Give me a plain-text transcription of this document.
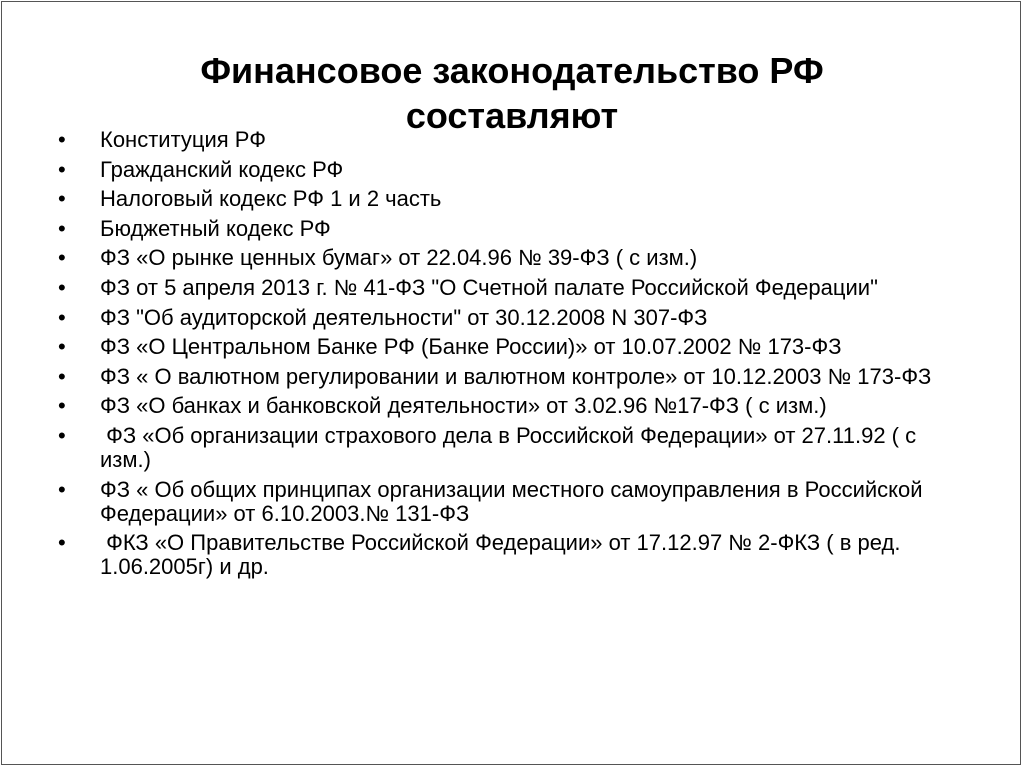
Финансовое законодательство РФ
составляют
•	Конституция РФ
•	Гражданский кодекс РФ
•	Налоговый кодекс РФ 1 и 2 часть
•	Бюджетный кодекс РФ
•	ФЗ «О рынке ценных бумаг» от 22.04.96 № 39-ФЗ ( с изм.)
•	ФЗ от 5 апреля 2013 г. № 41-ФЗ "О Счетной палате Российской Федерации"
•	ФЗ "Об аудиторской деятельности" от 30.12.2008 N 307-ФЗ
•	ФЗ «О Центральном Банке РФ (Банке России)» от 10.07.2002 № 173-ФЗ
•	ФЗ « О валютном регулировании и валютном контроле» от 10.12.2003 № 173-ФЗ
•	ФЗ «О банках и банковской деятельности» от 3.02.96 №17-ФЗ ( с изм.)
•	ФЗ «Об организации страхового дела в Российской Федерации» от 27.11.92 ( с изм.)
•	ФЗ « Об общих принципах организации местного самоуправления в Российской Федерации» от 6.10.2003.№ 131-ФЗ
•	ФКЗ «О Правительстве Российской Федерации» от 17.12.97 № 2-ФКЗ ( в ред. 1.06.2005г) и др.
